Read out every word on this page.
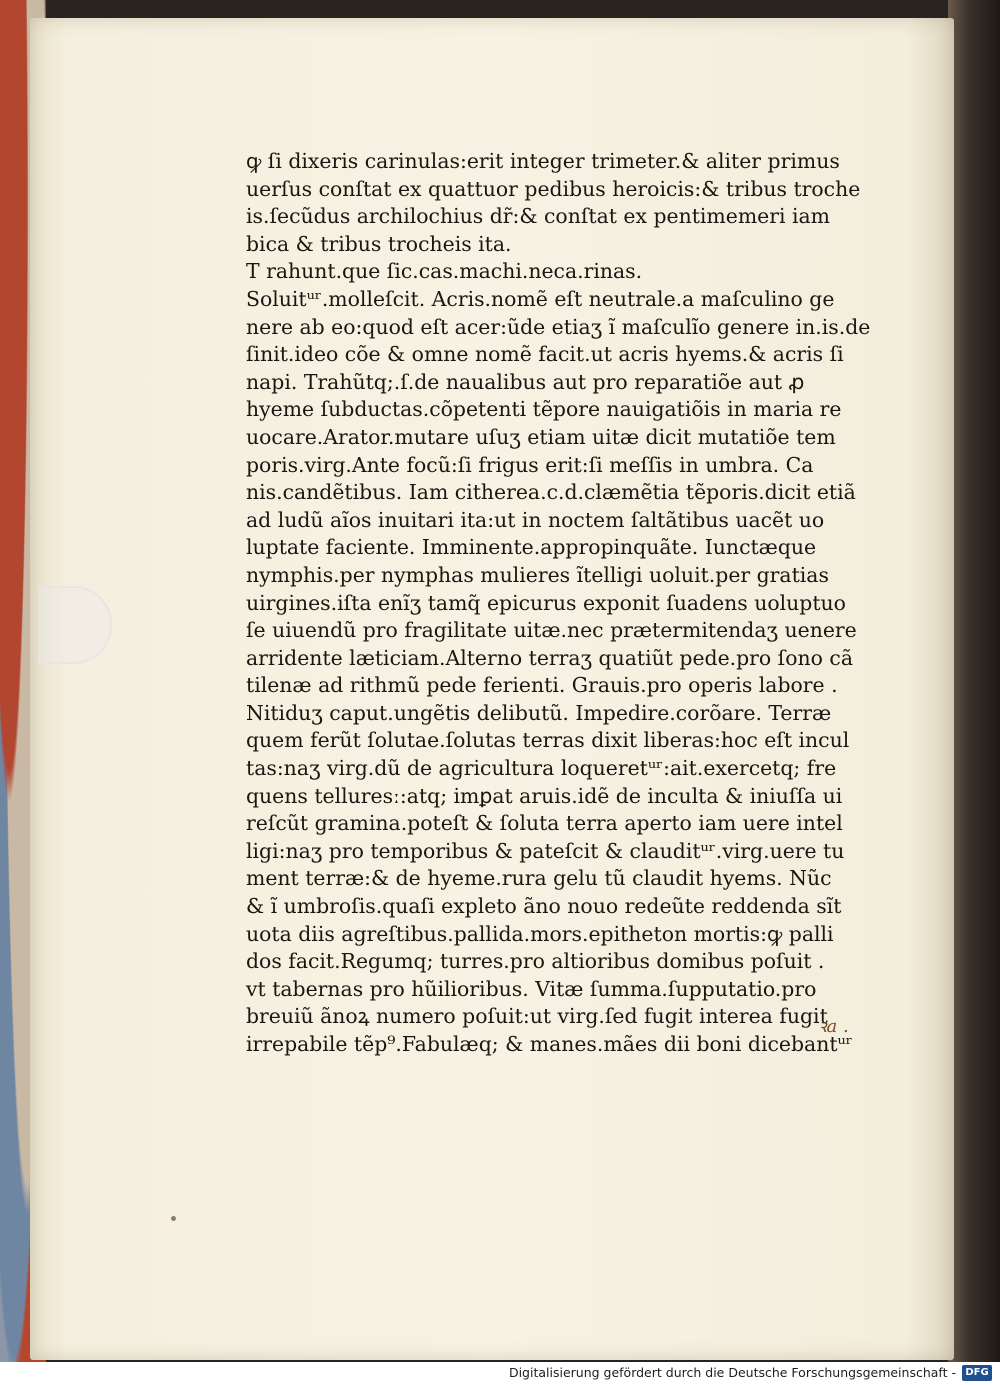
ꝙ ſi dixeris carinulas:erit integer trimeter.& aliter primus
uerſus conſtat ex quattuor pedibus heroicis:& tribus troche
is.ſecũdus archilochius dr̃:& conſtat ex pentimemeri iam
bica & tribus trocheis ita.
T rahunt.que ſic.cas.machi.neca.rinas.
Soluitᵘʳ.molleſcit. Acris.nomẽ eſt neutrale.a maſculino ge
nere ab eo:quod eſt acer:ũde etiaʒ ĩ maſculĩo genere in.is.de
ſinit.ideo cõe & omne nomẽ facit.ut acris hyems.& acris ſi
napi. Trahũtq;.ſ.de naualibus aut pro reparatiõe aut ꝓ
hyeme ſubductas.cõpetenti tẽpore nauigatiõis in maria re
uocare.Arator.mutare uſuʒ etiam uitæ dicit mutatiõe tem
poris.virg.Ante focũ:ſi frigus erit:ſi meſſis in umbra. Ca
nis.candẽtibus. Iam citherea.c.d.clæmẽtia tẽporis.dicit etiã
ad ludũ aĩos inuitari ita:ut in noctem ſaltãtibus uacẽt uo
luptate faciente. Imminente.appropinquãte. Iunctæque
nymphis.per nymphas mulieres ĩtelligi uoluit.per gratias
uirgines.iſta enĩʒ tamq̃ epicurus exponit ſuadens uoluptuo
ſe uiuendũ pro fragilitate uitæ.nec prætermitendaʒ uenere
arridente læticiam.Alterno terraʒ quatiũt pede.pro ſono cã
tilenæ ad rithmũ pede ferienti. Grauis.pro operis labore .
Nitiduʒ caput.ungẽtis delibutũ. Impedire.corõare. Terræ
quem ferũt ſolutae.ſolutas terras dixit liberas:hoc eſt incul
tas:naʒ virg.dũ de agricultura loqueretᵘʳ:ait.exercetq; fre
quens telluresː:atq; imꝑat aruis.idẽ de inculta & iniuſſa ui
reſcũt gramina.poteſt & ſoluta terra aperto iam uere intel
ligi:naʒ pro temporibus & pateſcit & clauditᵘʳ.virg.uere tu
ment terræ:& de hyeme.rura gelu tũ claudit hyems. Nũc
& ĩ umbroſis.quaſi expleto ãno nouo redeũte reddenda sĩt
uota diis agreſtibus.pallida.mors.epitheton mortis:ꝙ palli
dos facit.Regumq; turres.pro altioribus domibus poſuit .
vt tabernas pro hũilioribus. Vitæ ſumma.ſupputatio.pro
breuiũ ãnoꝝ numero poſuit:ut virg.ſed fugit interea fugit
irrepabile tẽp⁹.Fabulæq; & manes.mães dii boni dicebantᵘʳ
ꝛa .
Digitalisierung gefördert durch die Deutsche Forschungsgemeinschaft - DFG
